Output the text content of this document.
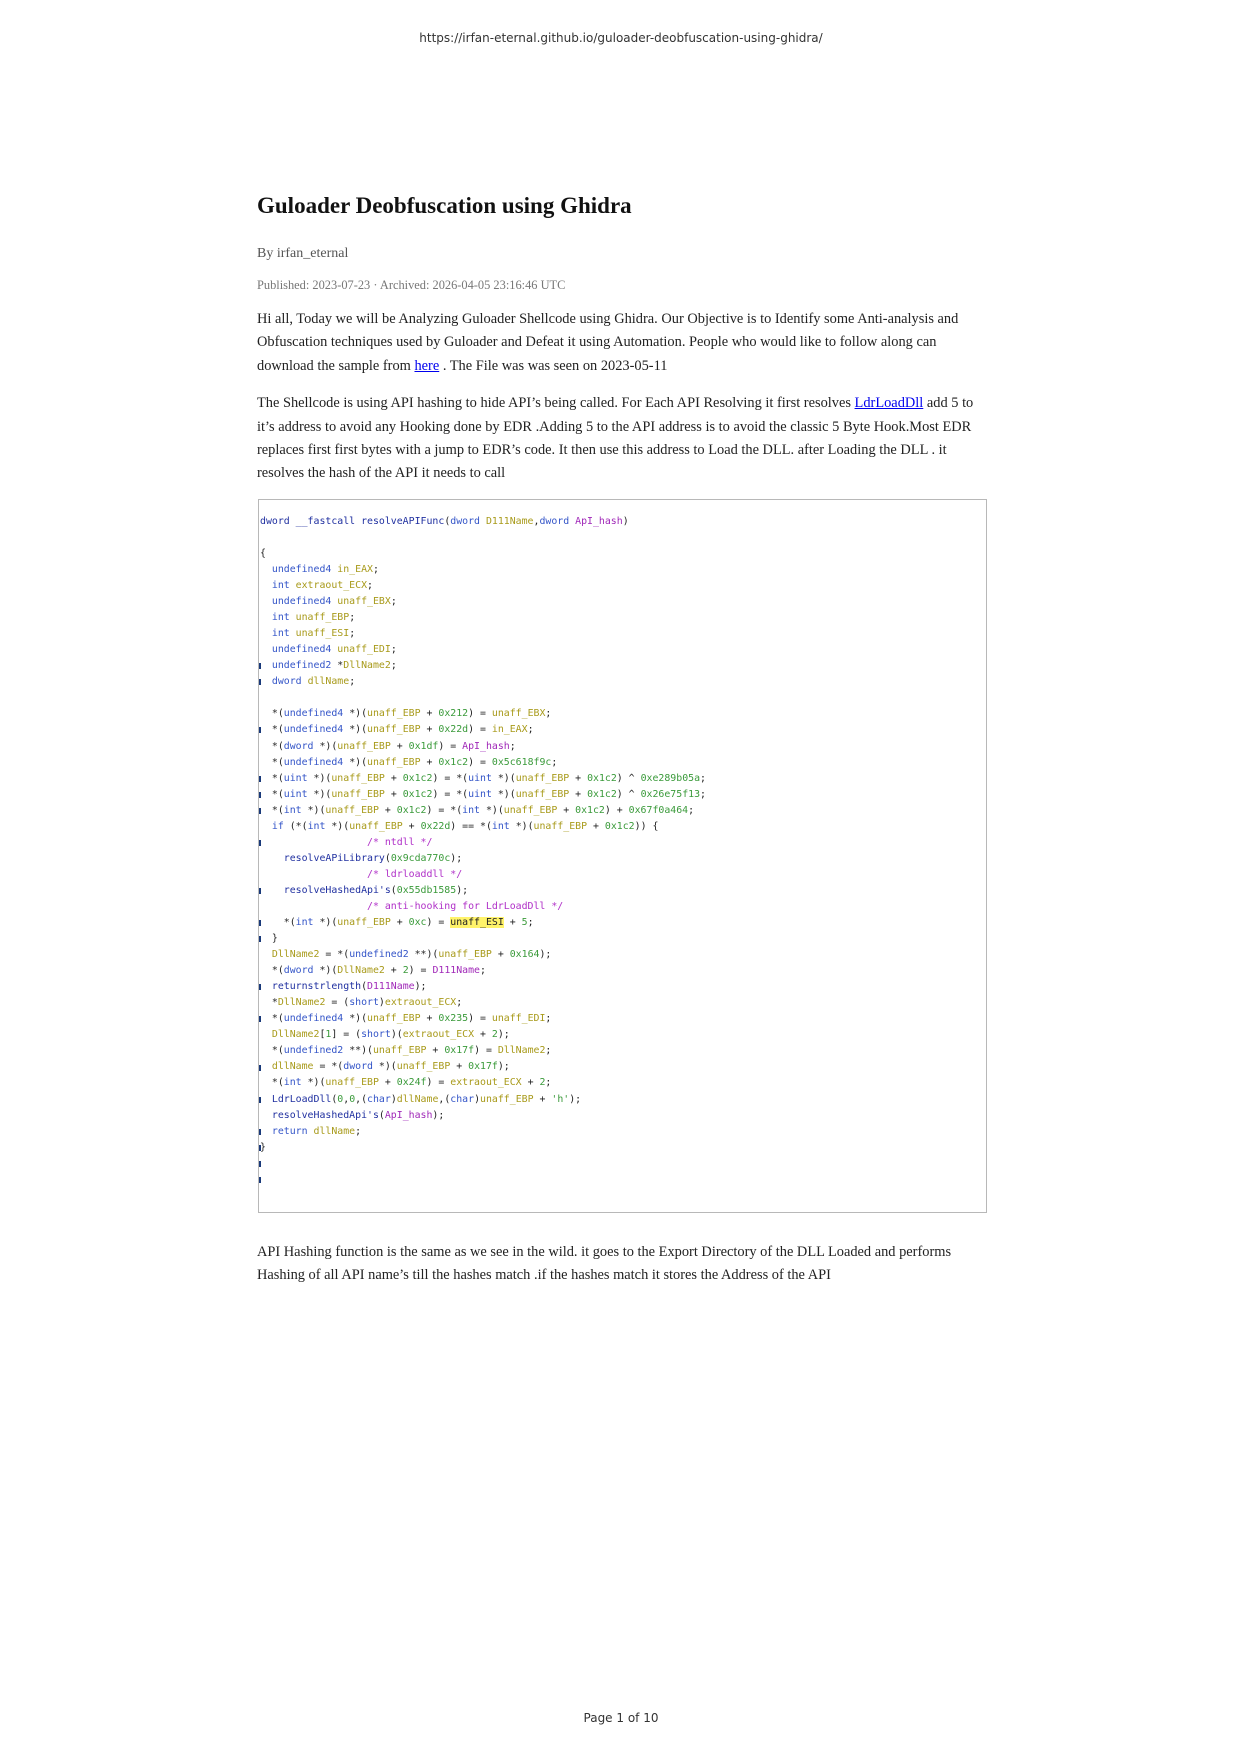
https://irfan-eternal.github.io/guloader-deobfuscation-using-ghidra/
Guloader Deobfuscation using Ghidra
By irfan_eternal
Published: 2023-07-23 · Archived: 2026-04-05 23:16:46 UTC

Hi all, Today we will be Analyzing Guloader Shellcode using Ghidra. Our Objective is to Identify some Anti-analysis and Obfuscation techniques used by Guloader and Defeat it using Automation. People who would like to follow along can download the sample from here . The File was was seen on 2023-05-11

The Shellcode is using API hashing to hide API’s being called. For Each API Resolving it first resolves LdrLoadDll add 5 to it’s address to avoid any Hooking done by EDR .Adding 5 to the API address is to avoid the classic 5 Byte Hook.Most EDR replaces first first bytes with a jump to EDR’s code. It then use this address to Load the DLL. after Loading the DLL . it resolves the hash of the API it needs to call

dword __fastcall resolveAPIFunc(dword D111Name,dword ApI_hash)

{
undefined4 in_EAX;
int extraout_ECX;
undefined4 unaff_EBX;
int unaff_EBP;
int unaff_ESI;
undefined4 unaff_EDI;
undefined2 *DllName2;
dword dllName;

*(undefined4 *)(unaff_EBP + 0x212) = unaff_EBX;
*(undefined4 *)(unaff_EBP + 0x22d) = in_EAX;
*(dword *)(unaff_EBP + 0x1df) = ApI_hash;
*(undefined4 *)(unaff_EBP + 0x1c2) = 0x5c618f9c;
*(uint *)(unaff_EBP + 0x1c2) = *(uint *)(unaff_EBP + 0x1c2) ^ 0xe289b05a;
*(uint *)(unaff_EBP + 0x1c2) = *(uint *)(unaff_EBP + 0x1c2) ^ 0x26e75f13;
*(int *)(unaff_EBP + 0x1c2) = *(int *)(unaff_EBP + 0x1c2) + 0x67f0a464;
if (*(int *)(unaff_EBP + 0x22d) == *(int *)(unaff_EBP + 0x1c2)) {
/* ntdll */
resolveAPiLibrary(0x9cda770c);
/* ldrloaddll */
resolveHashedApi's(0x55db1585);
/* anti-hooking for LdrLoadDll */
*(int *)(unaff_EBP + 0xc) = unaff_ESI + 5;
}
DllName2 = *(undefined2 **)(unaff_EBP + 0x164);
*(dword *)(DllName2 + 2) = D111Name;
returnstrlength(D111Name);
*DllName2 = (short)extraout_ECX;
*(undefined4 *)(unaff_EBP + 0x235) = unaff_EDI;
DllName2[1] = (short)(extraout_ECX + 2);
*(undefined2 **)(unaff_EBP + 0x17f) = DllName2;
dllName = *(dword *)(unaff_EBP + 0x17f);
*(int *)(unaff_EBP + 0x24f) = extraout_ECX + 2;
LdrLoadDll(0,0,(char)dllName,(char)unaff_EBP + 'h');
resolveHashedApi's(ApI_hash);
return dllName;
}

API Hashing function is the same as we see in the wild. it goes to the Export Directory of the DLL Loaded and performs Hashing of all API name’s till the hashes match .if the hashes match it stores the Address of the API

Page 1 of 10
